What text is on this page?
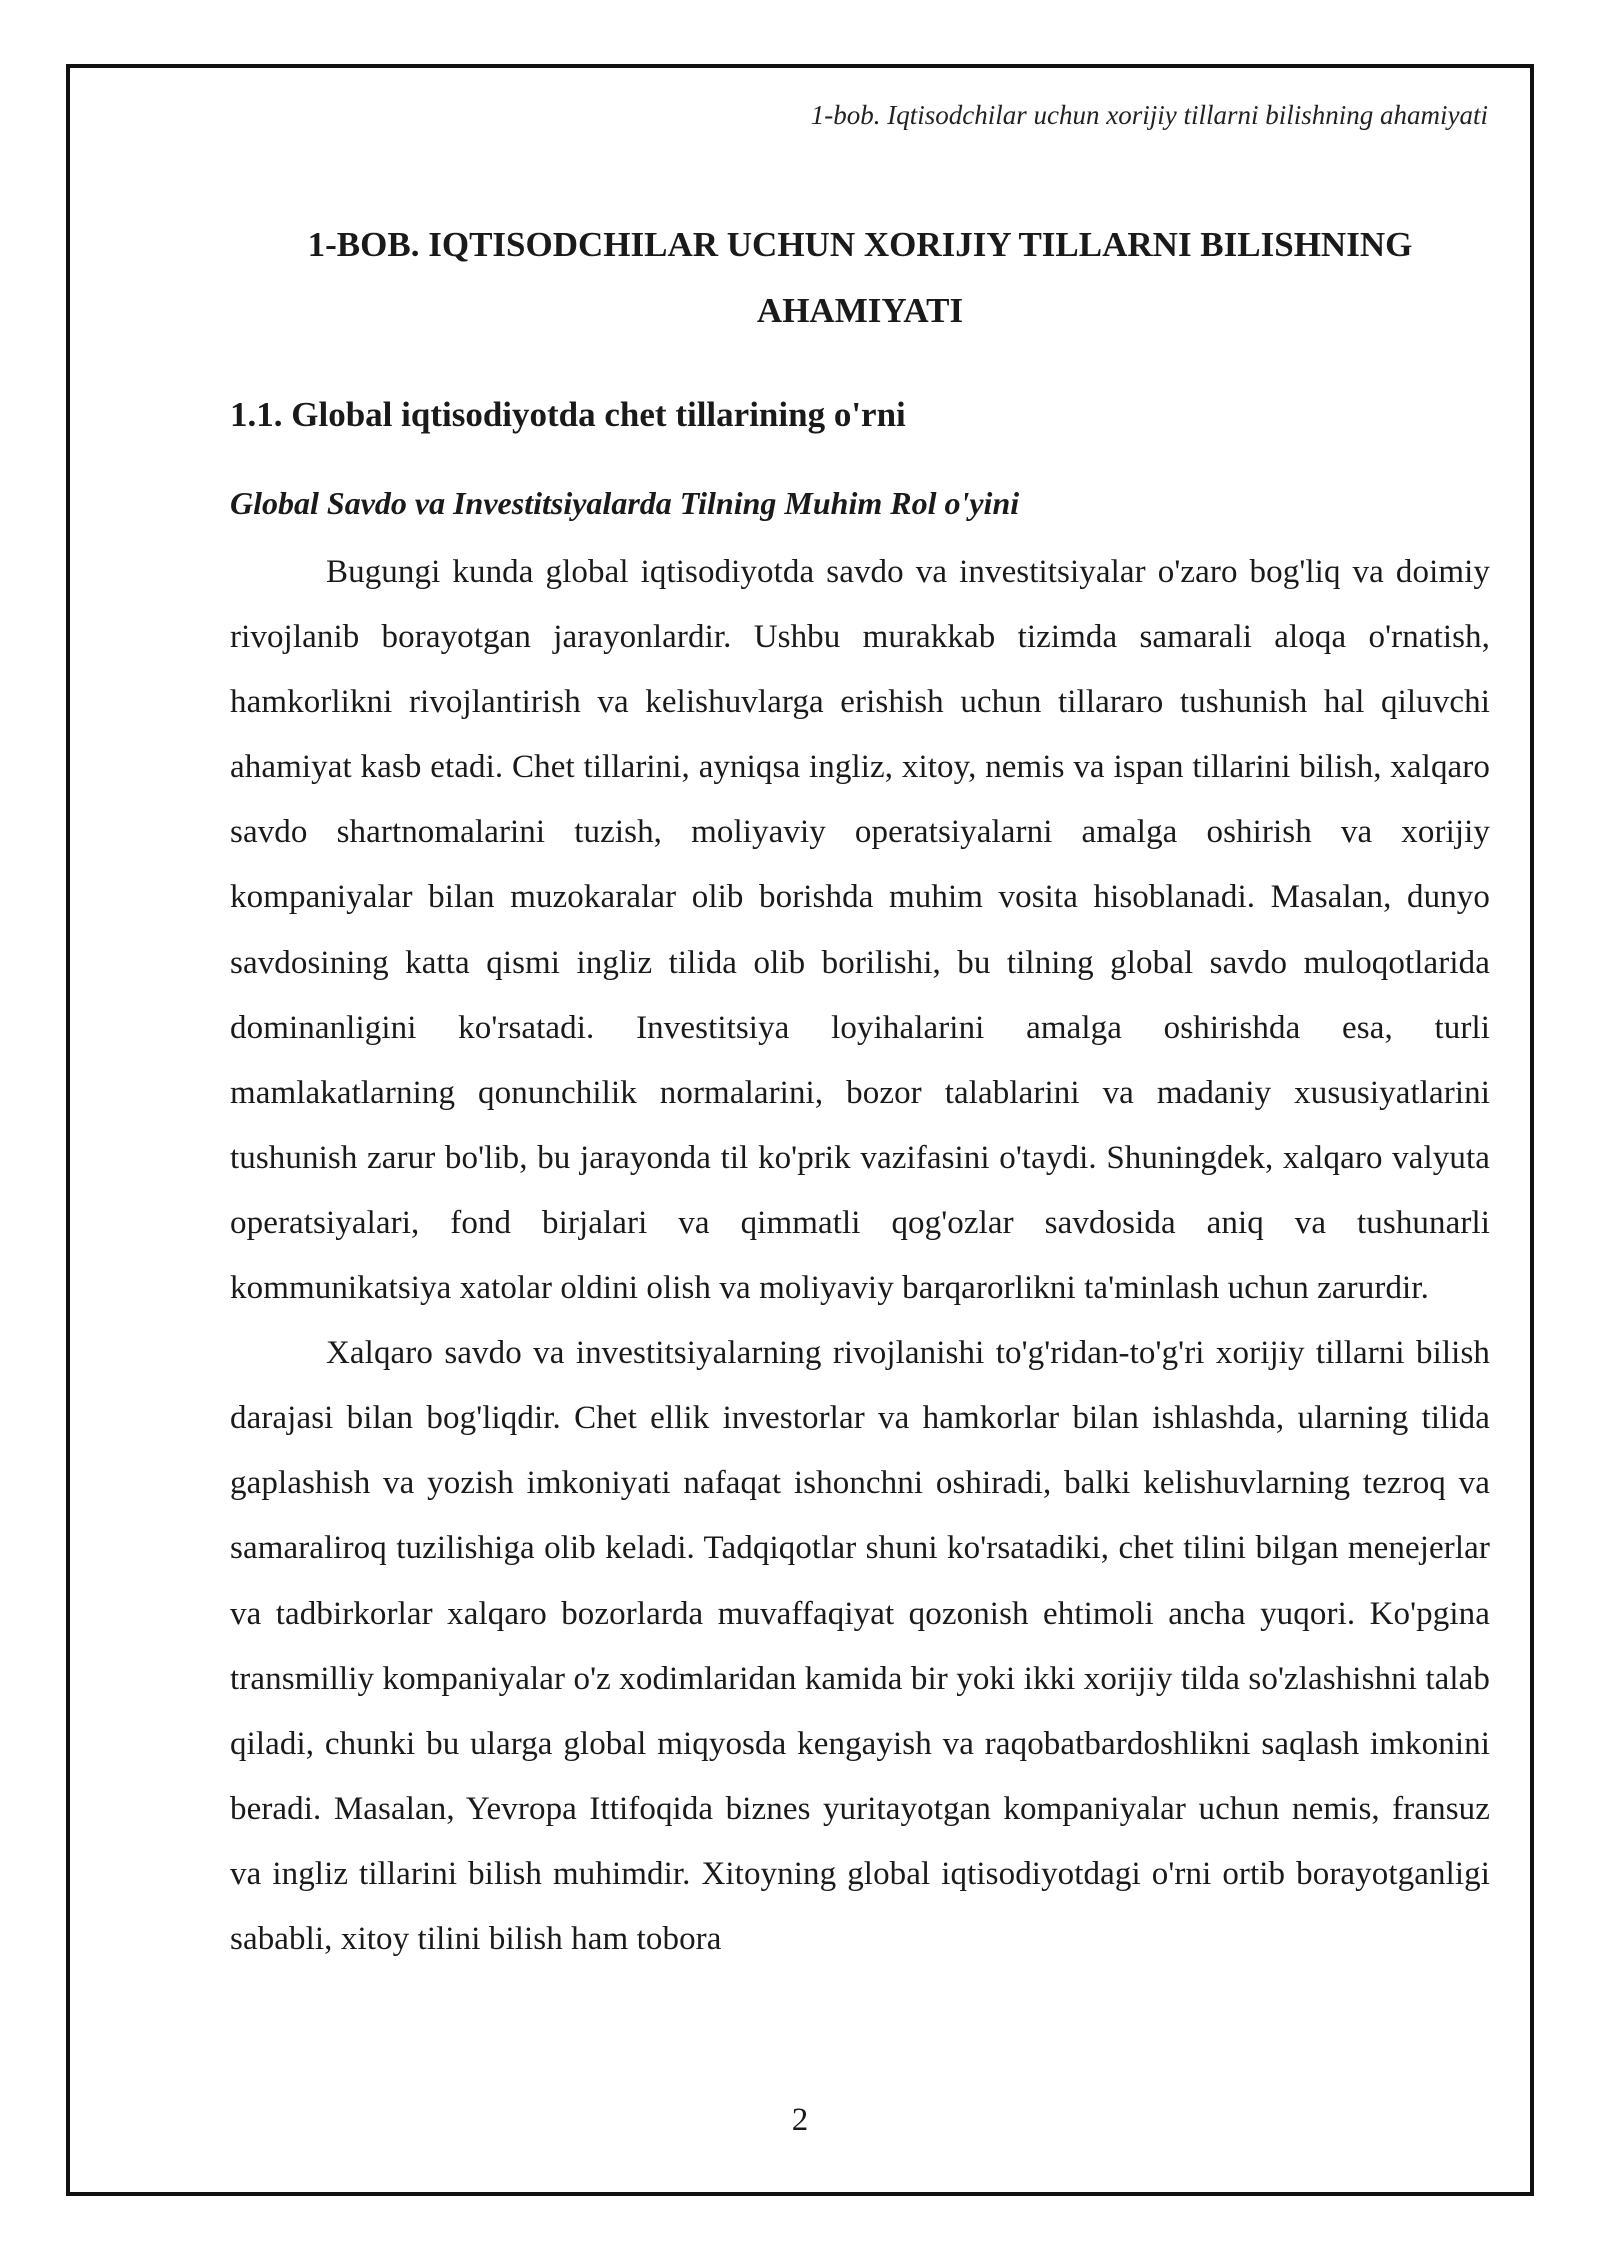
1-bob. Iqtisodchilar uchun xorijiy tillarni bilishning ahamiyati
1-BOB. IQTISODCHILAR UCHUN XORIJIY TILLARNI BILISHNING
AHAMIYATI
1.1. Global iqtisodiyotda chet tillarining o'rni
Global Savdo va Investitsiyalarda Tilning Muhim Rol o'yini

Bugungi kunda global iqtisodiyotda savdo va investitsiyalar o'zaro bog'liq va doimiy rivojlanib borayotgan jarayonlardir. Ushbu murakkab tizimda samarali aloqa o'rnatish, hamkorlikni rivojlantirish va kelishuvlarga erishish uchun tillararo tushunish hal qiluvchi ahamiyat kasb etadi. Chet tillarini, ayniqsa ingliz, xitoy, nemis va ispan tillarini bilish, xalqaro savdo shartnomalarini tuzish, moliyaviy operatsiyalarni amalga oshirish va xorijiy kompaniyalar bilan muzokaralar olib borishda muhim vosita hisoblanadi. Masalan, dunyo savdosining katta qismi ingliz tilida olib borilishi, bu tilning global savdo muloqotlarida dominanligini ko'rsatadi. Investitsiya loyihalarini amalga oshirishda esa, turli mamlakatlarning qonunchilik normalarini, bozor talablarini va madaniy xususiyatlarini tushunish zarur bo'lib, bu jarayonda til ko'prik vazifasini o'taydi. Shuningdek, xalqaro valyuta operatsiyalari, fond birjalari va qimmatli qog'ozlar savdosida aniq va tushunarli kommunikatsiya xatolar oldini olish va moliyaviy barqarorlikni ta'minlash uchun zarurdir.

Xalqaro savdo va investitsiyalarning rivojlanishi to'g'ridan-to'g'ri xorijiy tillarni bilish darajasi bilan bog'liqdir. Chet ellik investorlar va hamkorlar bilan ishlashda, ularning tilida gaplashish va yozish imkoniyati nafaqat ishonchni oshiradi, balki kelishuvlarning tezroq va samaraliroq tuzilishiga olib keladi. Tadqiqotlar shuni ko'rsatadiki, chet tilini bilgan menejerlar va tadbirkorlar xalqaro bozorlarda muvaffaqiyat qozonish ehtimoli ancha yuqori. Ko'pgina transmilliy kompaniyalar o'z xodimlaridan kamida bir yoki ikki xorijiy tilda so'zlashishni talab qiladi, chunki bu ularga global miqyosda kengayish va raqobatbardoshlikni saqlash imkonini beradi. Masalan, Yevropa Ittifoqida biznes yuritayotgan kompaniyalar uchun nemis, fransuz va ingliz tillarini bilish muhimdir. Xitoyning global iqtisodiyotdagi o'rni ortib borayotganligi sababli, xitoy tilini bilish ham tobora

2
